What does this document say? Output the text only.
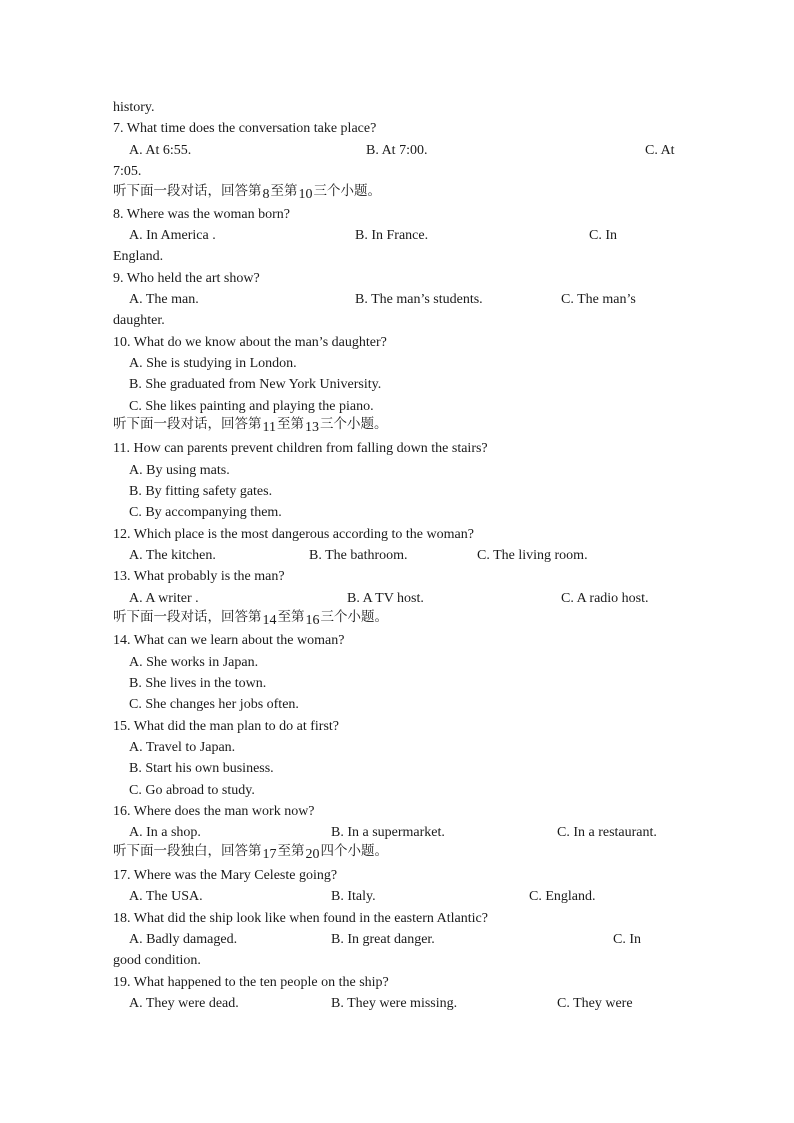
history.
7. What time does the conversation take place?
A. At 6:55.	B. At 7:00.	C. At
7:05.
听下面一段对话，回答第8至第10三个小题。
8. Where was the woman born?
A. In America .	B. In France.	C. In
England.
9. Who held the art show?
A. The man.	B. The man’s students.	C. The man’s
daughter.
10. What do we know about the man’s daughter?
A. She is studying in London.
B. She graduated from New York University.
C. She likes painting and playing the piano.
听下面一段对话，回答第11至第13三个小题。
11. How can parents prevent children from falling down the stairs?
A. By using mats.
B. By fitting safety gates.
C. By accompanying them.
12. Which place is the most dangerous according to the woman?
A. The kitchen.	B. The bathroom.	C. The living room.
13. What probably is the man?
A. A writer .	B. A TV host.	C. A radio host.
听下面一段对话，回答第14至第16三个小题。
14. What can we learn about the woman?
A. She works in Japan.
B. She lives in the town.
C. She changes her jobs often.
15. What did the man plan to do at first?
A. Travel to Japan.
B. Start his own business.
C. Go abroad to study.
16. Where does the man work now?
A. In a shop.	B. In a supermarket.	C. In a restaurant.
听下面一段独白，回答第17至第20四个小题。
17. Where was the Mary Celeste going?
A. The USA.	B. Italy.	C. England.
18. What did the ship look like when found in the eastern Atlantic?
A. Badly damaged.	B. In great danger.	C. In
good condition.
19. What happened to the ten people on the ship?
A. They were dead.	B. They were missing.	C. They were
